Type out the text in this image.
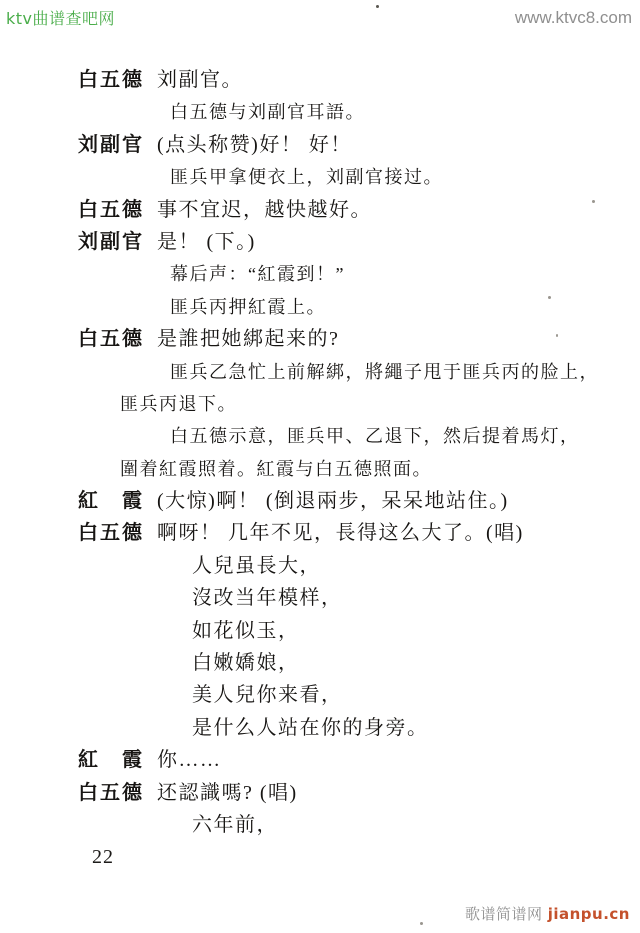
ktv曲谱查吧网	www.ktvc8.com
白五德 刘副官。
白五德与刘副官耳語。
刘副官 (点头称赞)好！ 好！
匪兵甲拿便衣上，刘副官接过。
白五德 事不宜迟，越快越好。
刘副官 是！ (下。)
幕后声：“紅霞到！”
匪兵丙押紅霞上。
白五德 是誰把她綁起来的?
匪兵乙急忙上前解綁，將繩子甩于匪兵丙的脸上，
匪兵丙退下。
白五德示意，匪兵甲、乙退下，然后提着馬灯，
圍着紅霞照着。紅霞与白五德照面。
紅　霞 (大惊)啊！ (倒退兩步，呆呆地站住。)
白五德 啊呀！ 几年不见，長得这么大了。(唱)
人兒虽長大，
沒改当年模样，
如花似玉，
白嫩嬌娘，
美人兒你来看，
是什么人站在你的身旁。
紅　霞 你……
白五德 还認識嗎? (唱)
六年前，
22
歌谱简谱网 jianpu.cn
